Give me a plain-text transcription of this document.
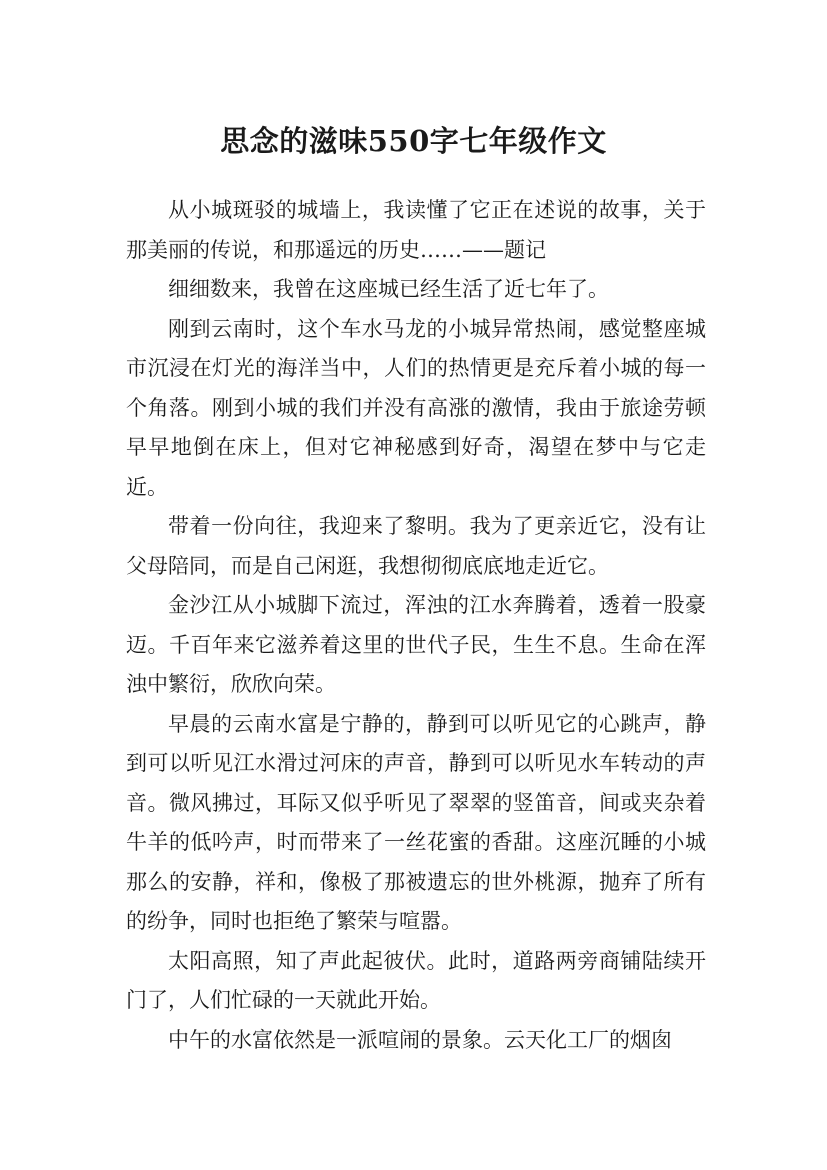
思念的滋味550字七年级作文

从小城斑驳的城墙上，我读懂了它正在述说的故事，关于那美丽的传说，和那遥远的历史……——题记

细细数来，我曾在这座城已经生活了近七年了。

刚到云南时，这个车水马龙的小城异常热闹，感觉整座城市沉浸在灯光的海洋当中，人们的热情更是充斥着小城的每一个角落。刚到小城的我们并没有高涨的激情，我由于旅途劳顿早早地倒在床上，但对它神秘感到好奇，渴望在梦中与它走近。

带着一份向往，我迎来了黎明。我为了更亲近它，没有让父母陪同，而是自己闲逛，我想彻彻底底地走近它。

金沙江从小城脚下流过，浑浊的江水奔腾着，透着一股豪迈。千百年来它滋养着这里的世代子民，生生不息。生命在浑浊中繁衍，欣欣向荣。

早晨的云南水富是宁静的，静到可以听见它的心跳声，静到可以听见江水滑过河床的声音，静到可以听见水车转动的声音。微风拂过，耳际又似乎听见了翠翠的竖笛音，间或夹杂着牛羊的低吟声，时而带来了一丝花蜜的香甜。这座沉睡的小城那么的安静，祥和，像极了那被遗忘的世外桃源，抛弃了所有的纷争，同时也拒绝了繁荣与喧嚣。

太阳高照，知了声此起彼伏。此时，道路两旁商铺陆续开门了，人们忙碌的一天就此开始。

中午的水富依然是一派喧闹的景象。云天化工厂的烟囱
